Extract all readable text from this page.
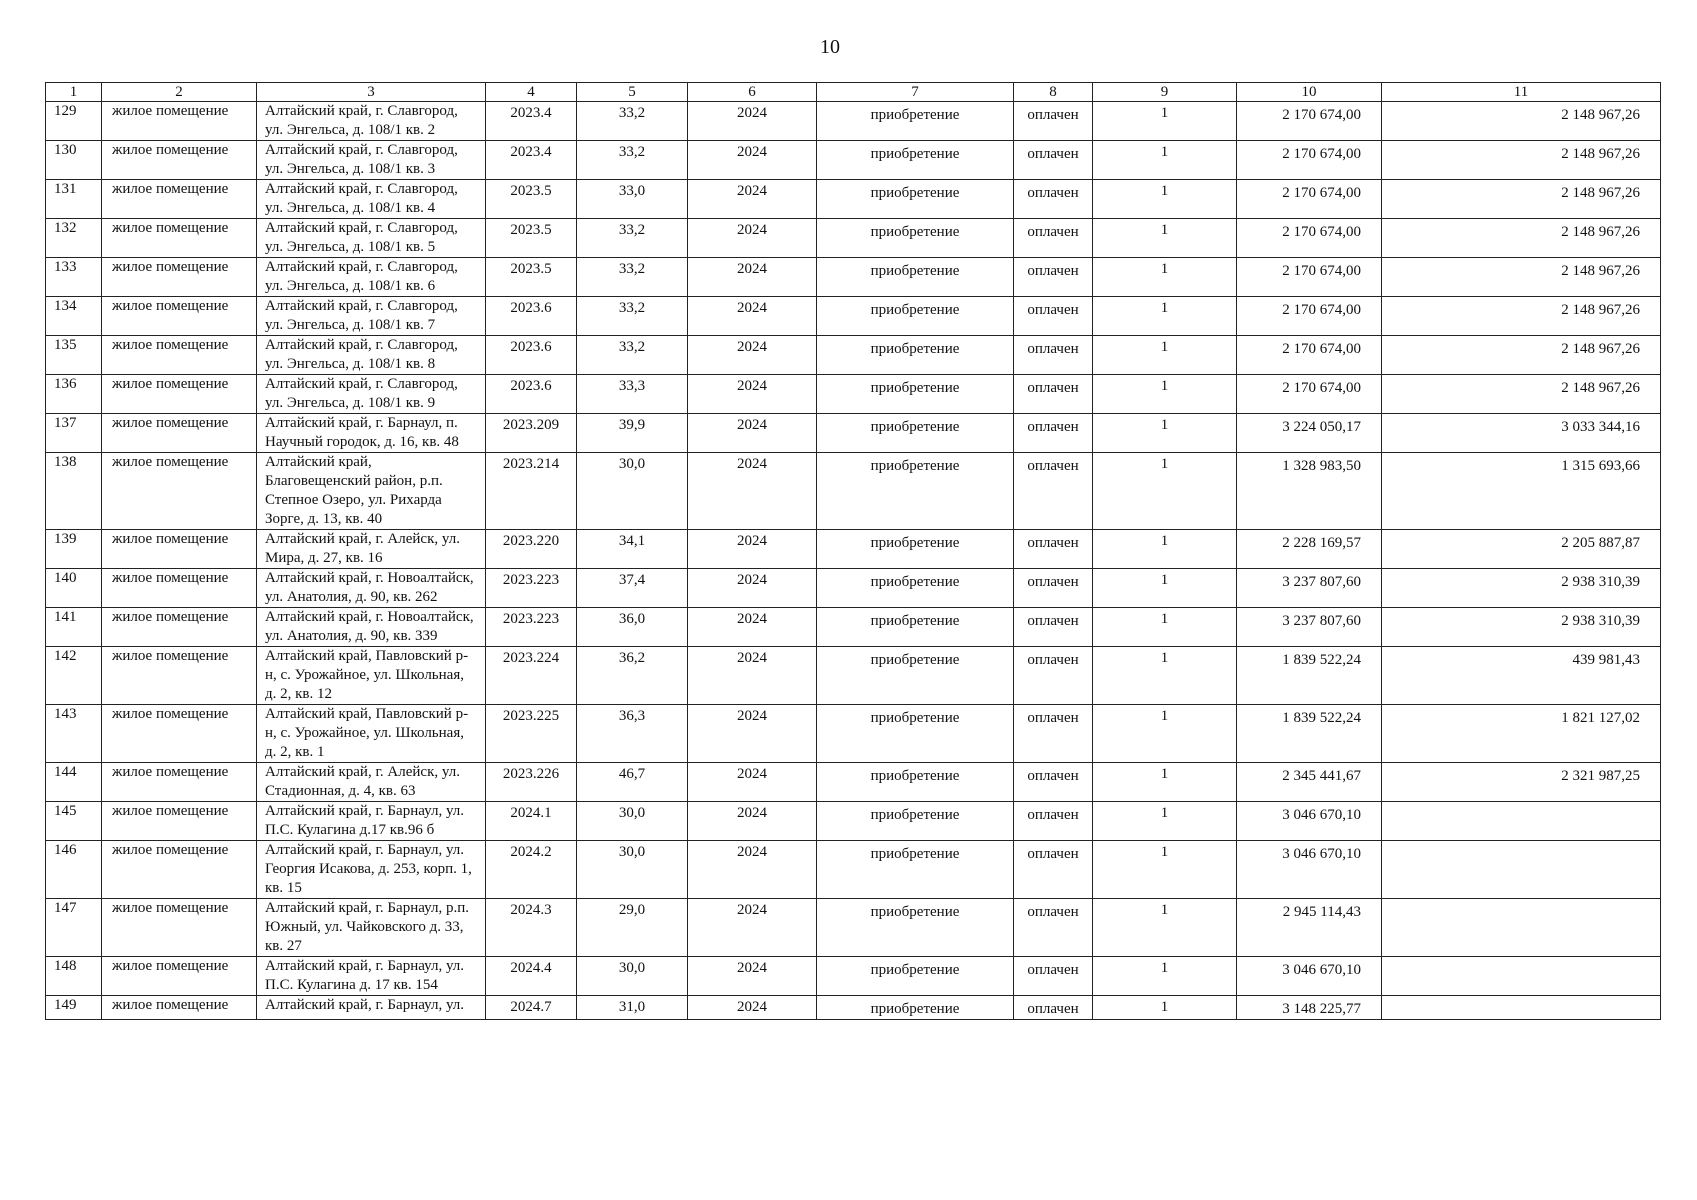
10
1	2	3	4	5	6	7	8	9	10	11
129	жилое помещение	Алтайский край, г. Славгород, ул. Энгельса, д. 108/1 кв. 2	2023.4	33,2	2024	приобретение	оплачен	1	2 170 674,00	2 148 967,26
130	жилое помещение	Алтайский край, г. Славгород, ул. Энгельса, д. 108/1 кв. 3	2023.4	33,2	2024	приобретение	оплачен	1	2 170 674,00	2 148 967,26
131	жилое помещение	Алтайский край, г. Славгород, ул. Энгельса, д. 108/1 кв. 4	2023.5	33,0	2024	приобретение	оплачен	1	2 170 674,00	2 148 967,26
132	жилое помещение	Алтайский край, г. Славгород, ул. Энгельса, д. 108/1 кв. 5	2023.5	33,2	2024	приобретение	оплачен	1	2 170 674,00	2 148 967,26
133	жилое помещение	Алтайский край, г. Славгород, ул. Энгельса, д. 108/1 кв. 6	2023.5	33,2	2024	приобретение	оплачен	1	2 170 674,00	2 148 967,26
134	жилое помещение	Алтайский край, г. Славгород, ул. Энгельса, д. 108/1 кв. 7	2023.6	33,2	2024	приобретение	оплачен	1	2 170 674,00	2 148 967,26
135	жилое помещение	Алтайский край, г. Славгород, ул. Энгельса, д. 108/1 кв. 8	2023.6	33,2	2024	приобретение	оплачен	1	2 170 674,00	2 148 967,26
136	жилое помещение	Алтайский край, г. Славгород, ул. Энгельса, д. 108/1 кв. 9	2023.6	33,3	2024	приобретение	оплачен	1	2 170 674,00	2 148 967,26
137	жилое помещение	Алтайский край, г. Барнаул, п. Научный городок, д. 16, кв. 48	2023.209	39,9	2024	приобретение	оплачен	1	3 224 050,17	3 033 344,16
138	жилое помещение	Алтайский край, Благовещенский район, р.п. Степное Озеро, ул. Рихарда Зорге, д. 13, кв. 40	2023.214	30,0	2024	приобретение	оплачен	1	1 328 983,50	1 315 693,66
139	жилое помещение	Алтайский край, г. Алейск, ул. Мира, д. 27, кв. 16	2023.220	34,1	2024	приобретение	оплачен	1	2 228 169,57	2 205 887,87
140	жилое помещение	Алтайский край, г. Новоалтайск, ул. Анатолия, д. 90, кв. 262	2023.223	37,4	2024	приобретение	оплачен	1	3 237 807,60	2 938 310,39
141	жилое помещение	Алтайский край, г. Новоалтайск, ул. Анатолия, д. 90, кв. 339	2023.223	36,0	2024	приобретение	оплачен	1	3 237 807,60	2 938 310,39
142	жилое помещение	Алтайский край, Павловский р-н, с. Урожайное, ул. Школьная, д. 2, кв. 12	2023.224	36,2	2024	приобретение	оплачен	1	1 839 522,24	439 981,43
143	жилое помещение	Алтайский край, Павловский р-н, с. Урожайное, ул. Школьная, д. 2, кв. 1	2023.225	36,3	2024	приобретение	оплачен	1	1 839 522,24	1 821 127,02
144	жилое помещение	Алтайский край, г. Алейск, ул. Стадионная, д. 4, кв. 63	2023.226	46,7	2024	приобретение	оплачен	1	2 345 441,67	2 321 987,25
145	жилое помещение	Алтайский край, г. Барнаул, ул. П.С. Кулагина д.17 кв.96 б	2024.1	30,0	2024	приобретение	оплачен	1	3 046 670,10	
146	жилое помещение	Алтайский край, г. Барнаул, ул. Георгия Исакова, д. 253, корп. 1, кв. 15	2024.2	30,0	2024	приобретение	оплачен	1	3 046 670,10	
147	жилое помещение	Алтайский край, г. Барнаул, р.п. Южный, ул. Чайковского д. 33, кв. 27	2024.3	29,0	2024	приобретение	оплачен	1	2 945 114,43	
148	жилое помещение	Алтайский край, г. Барнаул, ул. П.С. Кулагина д. 17 кв. 154	2024.4	30,0	2024	приобретение	оплачен	1	3 046 670,10	
149	жилое помещение	Алтайский край, г. Барнаул, ул.	2024.7	31,0	2024	приобретение	оплачен	1	3 148 225,77	
